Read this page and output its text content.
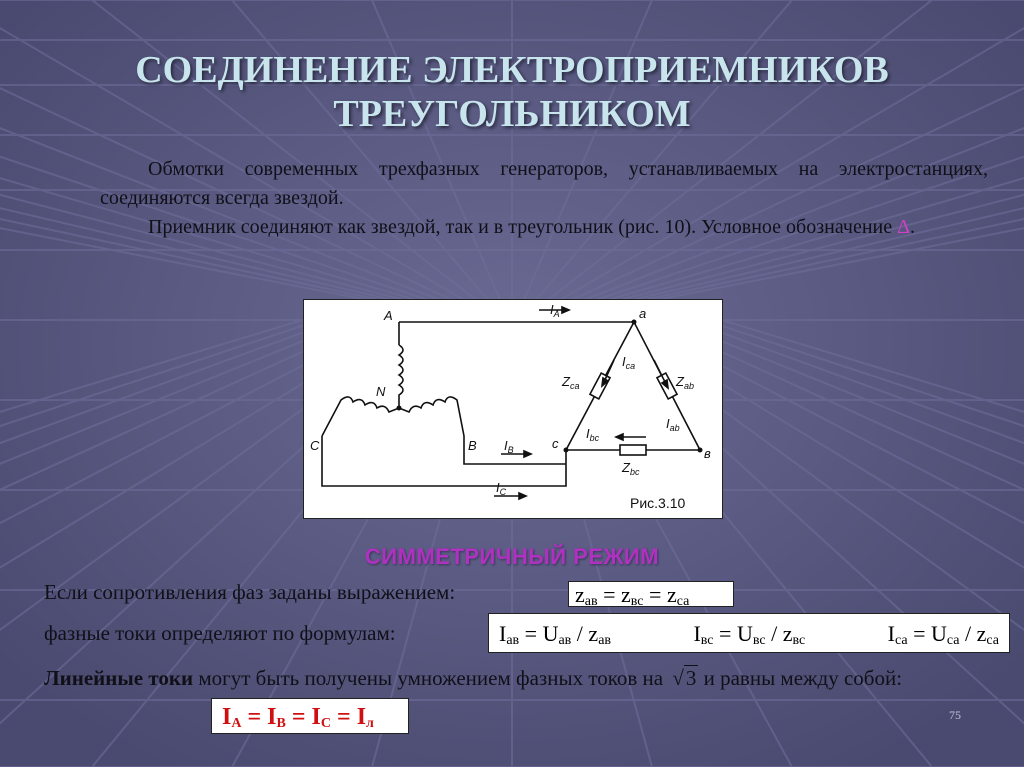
СОЕДИНЕНИЕ ЭЛЕКТРОПРИЕМНИКОВ
ТРЕУГОЛЬНИКОМ
Обмотки современных трехфазных генераторов, устанавливаемых на электростанциях, соединяются всегда звездой.
Приемник соединяют как звездой, так и в треугольник (рис. 10). Условное обозначение Δ.
A
N
C	B
a
в
c
$I_A$
$I_B$
$I_C$
$I_{ca}$
$I_{ab}$
$I_{bc}$
$Z_{ca}$	$Z_{ab}$
$Z_{bc}$
Рис.3.10
СИММЕТРИЧНЫЙ РЕЖИМ
Если сопротивления фаз заданы выражением:	$z_{ав} = z_{вс} = z_{са}$
фазные токи определяют по формулам:	$I_{ав} = U_{ав} / z_{ав}$	$I_{вс} = U_{вс} / z_{вс}$	$I_{са} = U_{са} / z_{са}$
Линейные токи могут быть получены умножением фазных токов на √3 и равны между собой:
$I_А = I_В = I_С = I_л$
75
